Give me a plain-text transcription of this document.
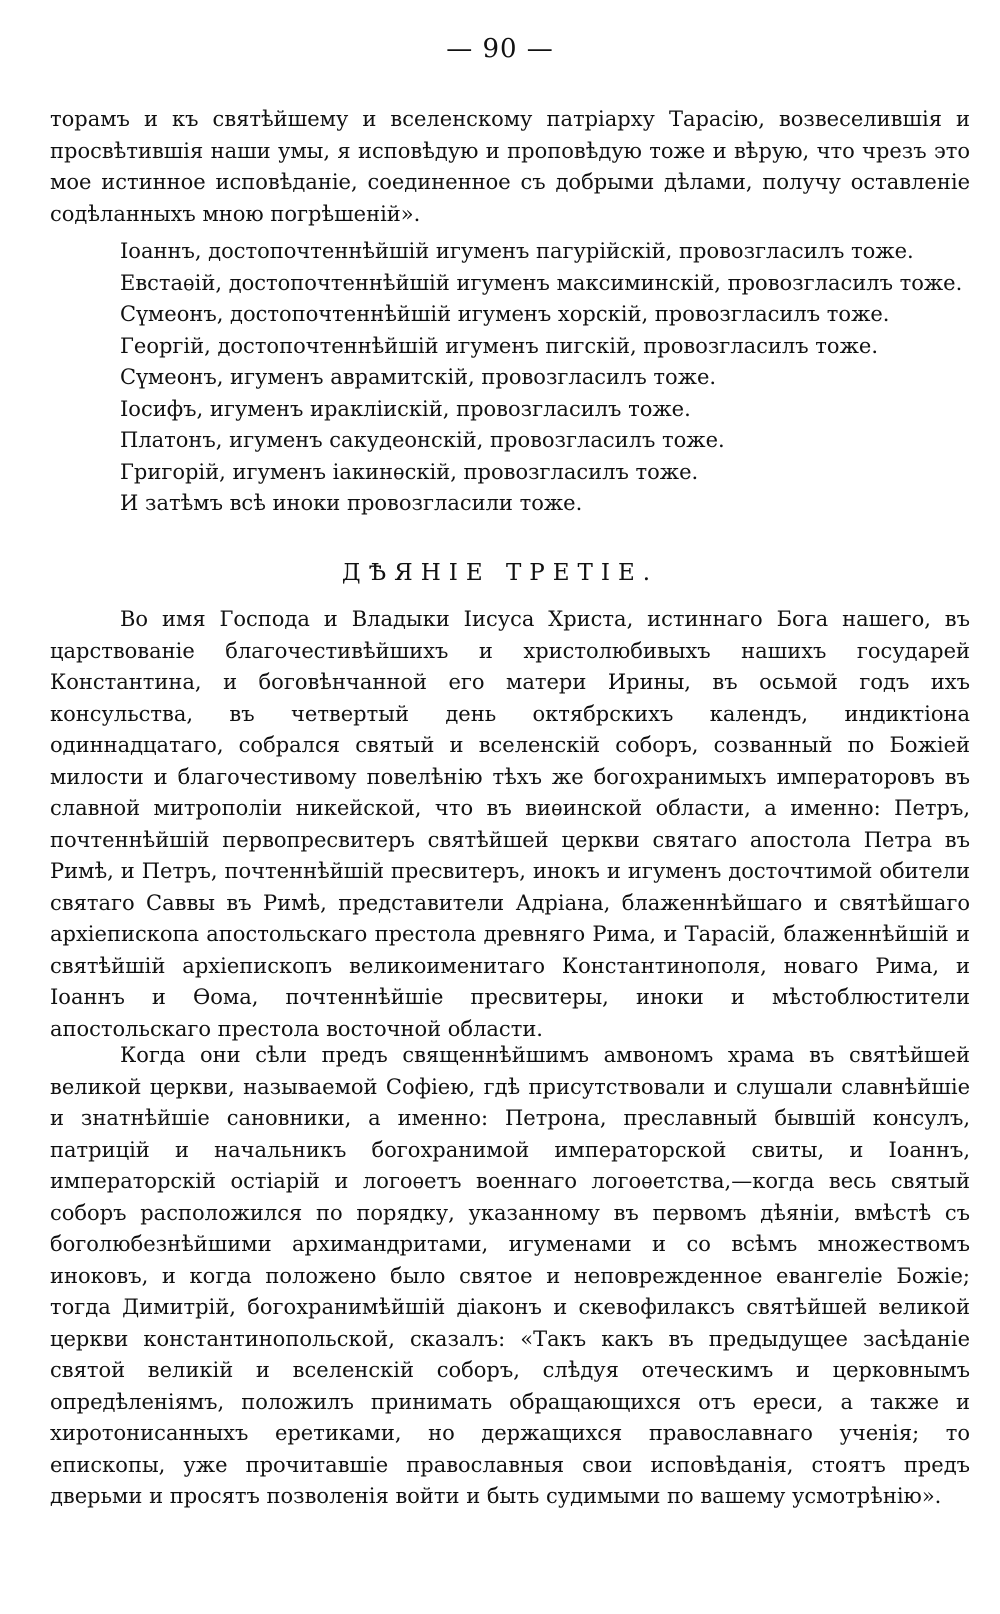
— 90 —

торамъ и къ святѣйшему и вселенскому патріарху Тарасію, возвеселившія и просвѣтившія наши умы, я исповѣдую и проповѣдую тоже и вѣрую, что чрезъ это мое истинное исповѣданіе, соединенное съ добрыми дѣлами, получу оставленіе содѣланныхъ мною погрѣшеній».

Іоаннъ, достопочтеннѣйшій игуменъ пагурійскій, провозгласилъ тоже.
Евстаѳій, достопочтеннѣйшій игуменъ максиминскій, провозгласилъ тоже.
Сүмеонъ, достопочтеннѣйшій игуменъ хорскій, провозгласилъ тоже.
Георгій, достопочтеннѣйшій игуменъ пигскій, провозгласилъ тоже.
Сүмеонъ, игуменъ аврамитскій, провозгласилъ тоже.
Іосифъ, игуменъ иракліискій, провозгласилъ тоже.
Платонъ, игуменъ сакудеонскій, провозгласилъ тоже.
Григорій, игуменъ іакинѳскій, провозгласилъ тоже.
И затѣмъ всѣ иноки провозгласили тоже.
ДѢЯНІЕ ТРЕТІЕ.

Во имя Господа и Владыки Іисуса Христа, истиннаго Бога нашего, въ царствованіе благочестивѣйшихъ и христолюбивыхъ нашихъ государей Константина, и боговѣнчанной его матери Ирины, въ осьмой годъ ихъ консульства, въ четвертый день октябрскихъ календъ, индиктіона одиннадцатаго, собрался святый и вселенскій соборъ, созванный по Божіей милости и благочестивому повелѣнію тѣхъ же богохранимыхъ императоровъ въ славной митрополіи никейской, что въ виѳинской области, а именно: Петръ, почтеннѣйшій первопресвитеръ святѣйшей церкви святаго апостола Петра въ Римѣ, и Петръ, почтеннѣйшій пресвитеръ, инокъ и игуменъ досточтимой обители святаго Саввы въ Римѣ, представители Адріана, блаженнѣйшаго и святѣйшаго архіепископа апостольскаго престола древняго Рима, и Тарасій, блаженнѣйшій и святѣйшій архіепископъ великоименитаго Константинополя, новаго Рима, и Іоаннъ и Ѳома, почтеннѣйшіе пресвитеры, иноки и мѣстоблюстители апостольскаго престола восточной области.

Когда они сѣли предъ священнѣйшимъ амвономъ храма въ святѣйшей великой церкви, называемой Софіею, гдѣ присутствовали и слушали славнѣйшіе и знатнѣйшіе сановники, а именно: Петрона, преславный бывшій консулъ, патрицій и начальникъ богохранимой императорской свиты, и Іоаннъ, императорскій остіарій и логоѳетъ военнаго логоѳетства,—когда весь святый соборъ расположился по порядку, указанному въ первомъ дѣяніи, вмѣстѣ съ боголюбезнѣйшими архимандритами, игуменами и со всѣмъ множествомъ иноковъ, и когда положено было святое и неповрежденное евангеліе Божіе; тогда Димитрій, богохранимѣйшій діаконъ и скевофилаксъ святѣйшей великой церкви константинопольской, сказалъ: «Такъ какъ въ предыдущее засѣданіе святой великій и вселенскій соборъ, слѣдуя отеческимъ и церковнымъ опредѣленіямъ, положилъ принимать обращающихся отъ ереси, а также и хиротонисанныхъ еретиками, но держащихся православнаго ученія; то епископы, уже прочитавшіе православныя свои исповѣданія, стоятъ предъ дверьми и просятъ позволенія войти и быть судимыми по вашему усмотрѣнію».
